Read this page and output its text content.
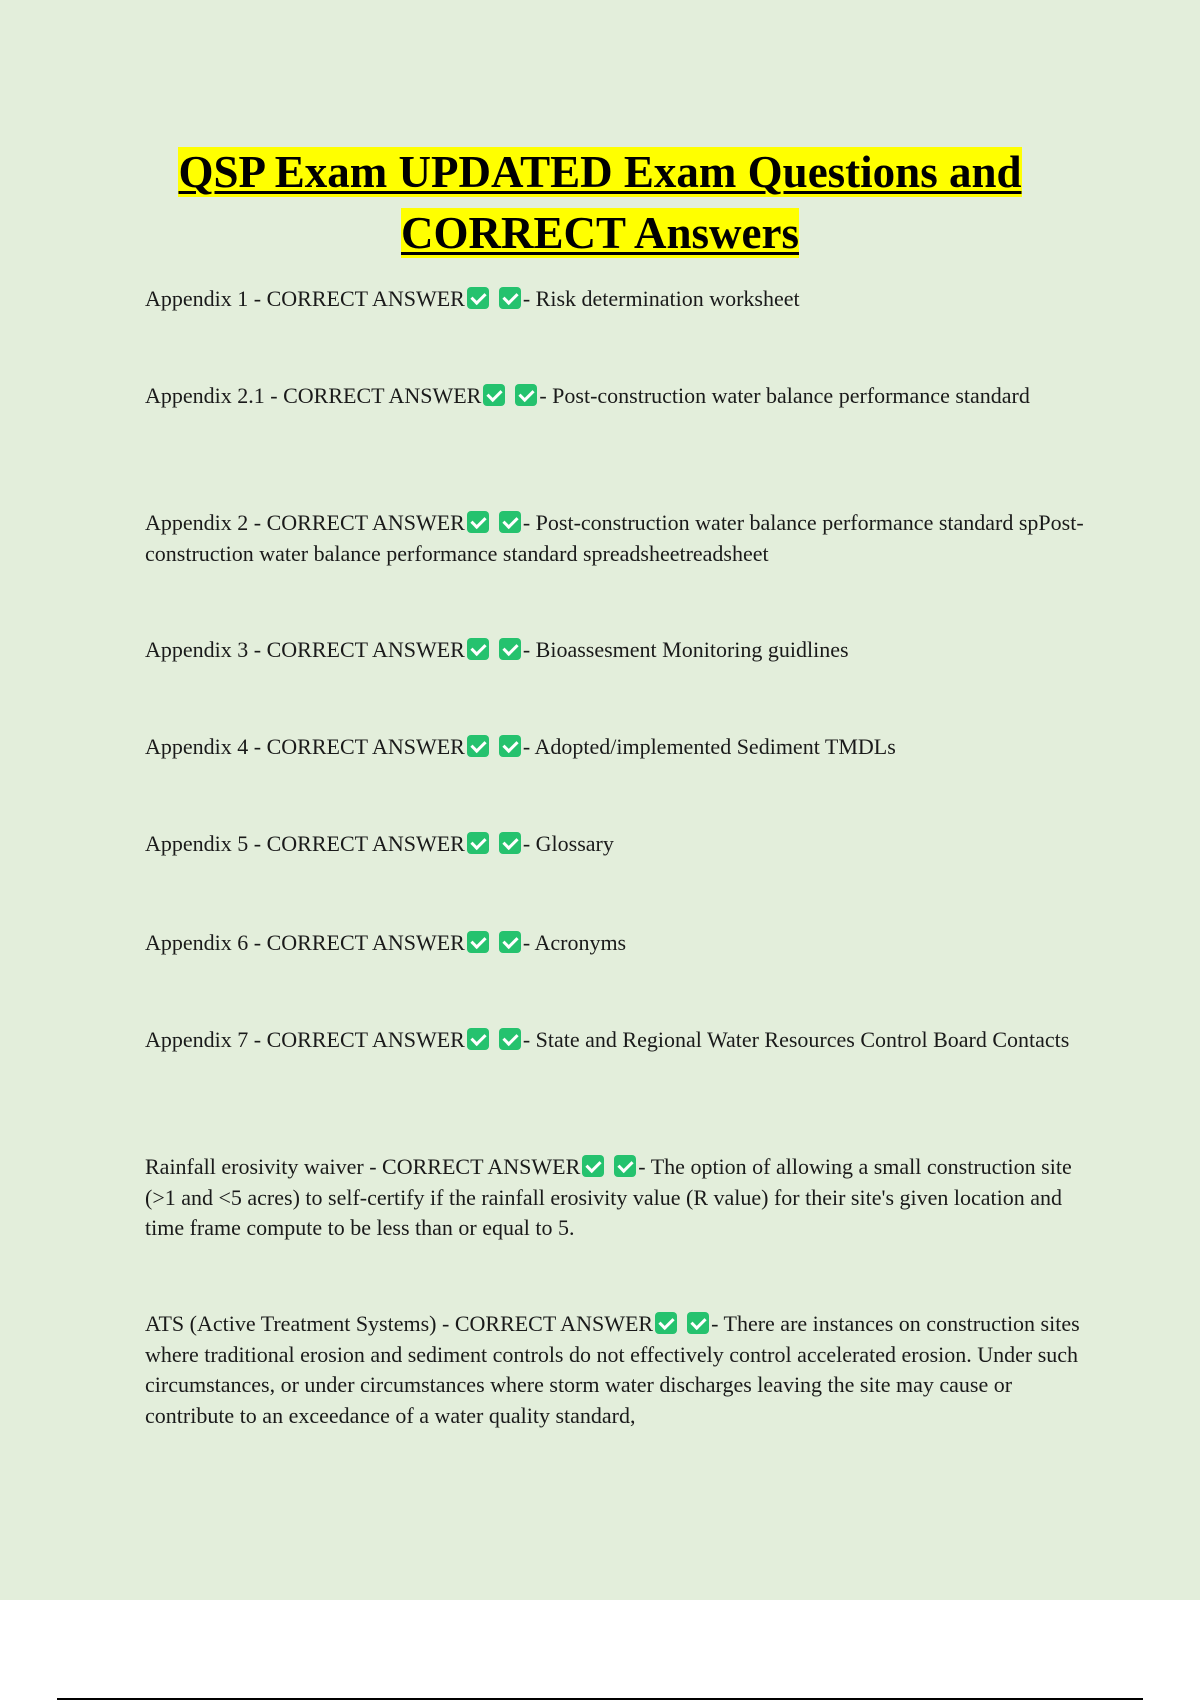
QSP Exam UPDATED Exam Questions and
CORRECT Answers
Appendix 1 - CORRECT ANSWER	- Risk determination worksheet
Appendix 2.1 - CORRECT ANSWER	- Post-construction water balance performance standard
Appendix 2 - CORRECT ANSWER	- Post-construction water balance performance standard spPost-construction water balance performance standard spreadsheetreadsheet
Appendix 3 - CORRECT ANSWER	- Bioassesment Monitoring guidlines
Appendix 4 - CORRECT ANSWER	- Adopted/implemented Sediment TMDLs
Appendix 5 - CORRECT ANSWER	- Glossary
Appendix 6 - CORRECT ANSWER	- Acronyms
Appendix 7 - CORRECT ANSWER	- State and Regional Water Resources Control Board Contacts
Rainfall erosivity waiver - CORRECT ANSWER	- The option of allowing a small construction site (>1 and <5 acres) to self-certify if the rainfall erosivity value (R value) for their site's given location and time frame compute to be less than or equal to 5.
ATS (Active Treatment Systems) - CORRECT ANSWER	- There are instances on construction sites where traditional erosion and sediment controls do not effectively control accelerated erosion. Under such circumstances, or under circumstances where storm water discharges leaving the site may cause or contribute to an exceedance of a water quality standard,
